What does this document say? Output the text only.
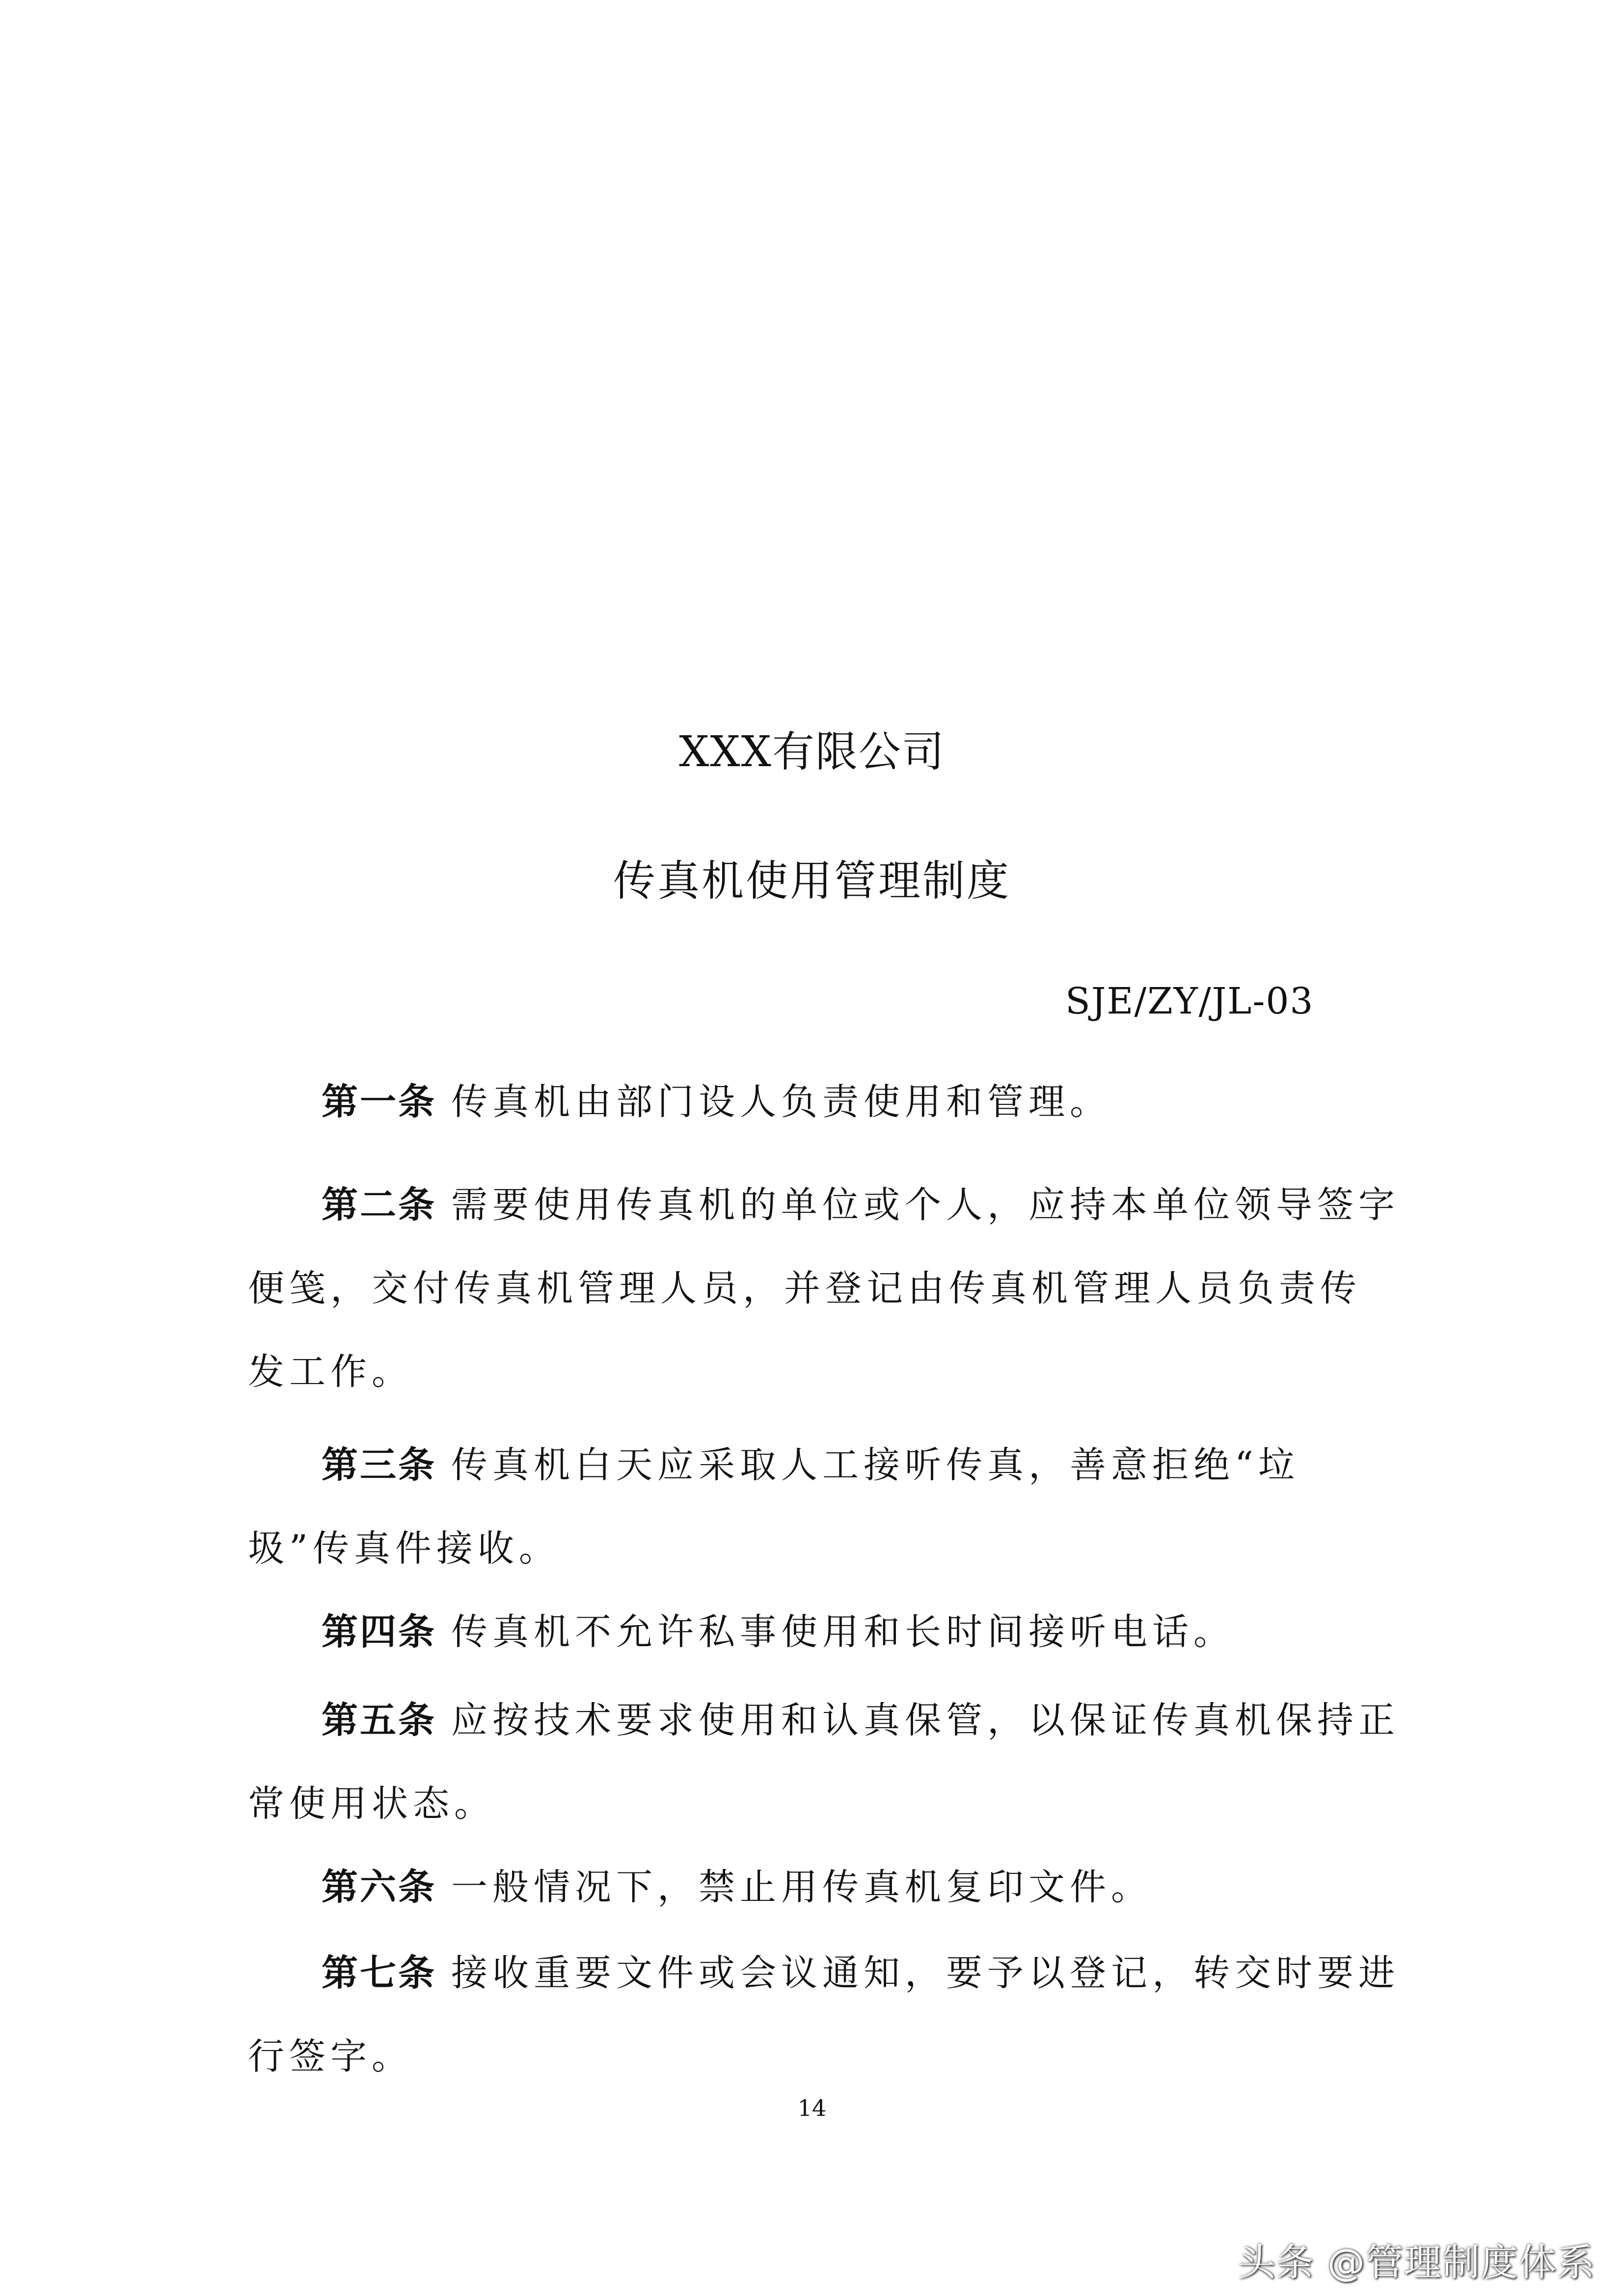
XXX有限公司
传真机使用管理制度
SJE/ZY/JL-03

第一条 传真机由部门设人负责使用和管理。

第二条 需要使用传真机的单位或个人，应持本单位领导签字便笺，交付传真机管理人员，并登记由传真机管理人员负责传发工作。

第三条 传真机白天应采取人工接听传真，善意拒绝“垃圾”传真件接收。

第四条 传真机不允许私事使用和长时间接听电话。

第五条 应按技术要求使用和认真保管，以保证传真机保持正常使用状态。

第六条 一般情况下，禁止用传真机复印文件。

第七条 接收重要文件或会议通知，要予以登记，转交时要进行签字。

14
头条 @管理制度体系
